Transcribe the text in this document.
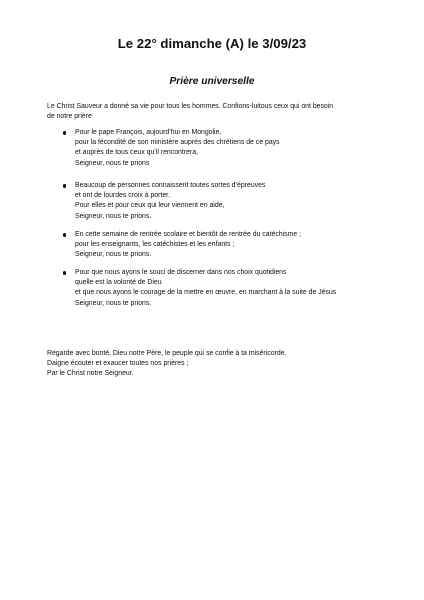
Le 22° dimanche (A) le 3/09/23
Prière universelle
Le Christ Sauveur a donné sa vie pour tous les hommes. Confions-luitous ceux qui ont besoin
de notre prière
Pour le pape François, aujourd’hui en Mongolie,
pour la fécondité de son ministère auprès des chrétiens de ce pays
et auprès de tous ceux qu’il rencontrera,
Seigneur, nous te prions
Beaucoup de personnes connaissent toutes sortes d’épreuves
et ont de lourdes croix à porter.
Pour elles et pour ceux qui leur viennent en aide,
Seigneur, nous te prions.
En cette semaine de rentrée scolaire et bientôt de rentrée du catéchisme ;
pour les enseignants, les catéchistes et les enfants ;
Seigneur, nous te prions.
Pour que nous ayons le souci de discerner dans nos choix quotidiens
quelle est la volonté de Dieu
et que nous ayons le courage de la mettre en œuvre, en marchant à la suite de Jésus
Seigneur, nous te prions.
Regarde avec bonté, Dieu notre Père, le peuple qui se confie à ta miséricorde.
Daigne écouter et exaucer toutes nos prières ;
Par le Christ notre Seigneur.
